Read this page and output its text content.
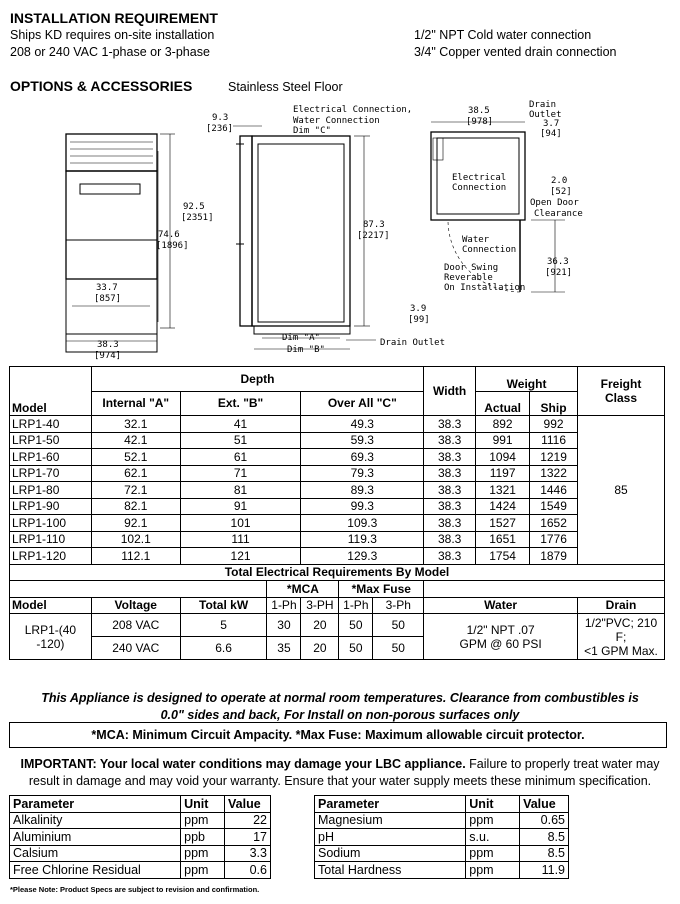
INSTALLATION REQUIREMENT
Ships KD requires on-site installation
208 or 240 VAC 1-phase or 3-phase
1/2" NPT Cold water connection
3/4" Copper vented drain connection
OPTIONS & ACCESSORIES	Stainless Steel Floor
9.3
[236]
92.5
[2351]
74.6
[1896]
33.7
[857]
38.3
[974]
Electrical Connection,
Water Connection
Dim "C"
87.3
[2217]
3.9
[99]
Dim "A"
Dim "B"
Drain Outlet
38.5
[978]
Drain
Outlet
3.7
[94]
Electrical
Connection
2.0
[52]
Open Door
Clearance
Water
Connection
Door Swing
Reverable
On Installation
36.3
[921]
Model	Depth						Width	Weight		Freight
Class
	Internal "A"	Ext. "B"		Over All "C"				Actual	Ship	
LRP1-40	32.1	41		49.3			38.3	892	992	85
LRP1-50	42.1	51		59.3			38.3	991	1116	
LRP1-60	52.1	61		69.3			38.3	1094	1219	
LRP1-70	62.1	71		79.3			38.3	1197	1322	
LRP1-80	72.1	81		89.3			38.3	1321	1446	
LRP1-90	82.1	91		99.3			38.3	1424	1549	
LRP1-100	92.1	101		109.3			38.3	1527	1652	
LRP1-110	102.1	111		119.3			38.3	1651	1776	
LRP1-120	112.1	121		129.3			38.3	1754	1879	
Total Electrical Requirements By Model										
			*MCA		*Max Fuse					
Model	Voltage	Total kW	1-Ph	3-PH	1-Ph	3-Ph	Water			Drain
LRP1-(40 -120)	208 VAC	5	30	20	50	50	1/2" NPT .07
GPM @ 60 PSI			1/2"PVC; 210 F;
<1 GPM Max.
	240 VAC	6.6	35	20	50	50				
This Appliance is designed to operate at normal room temperatures. Clearance from combustibles is
0.0" sides and back, For Install on non-porous surfaces only
*MCA: Minimum Circuit Ampacity. *Max Fuse: Maximum allowable circuit protector.
IMPORTANT: Your local water conditions may damage your LBC appliance. Failure to properly treat water may
result in damage and may void your warranty. Ensure that your water supply meets these minimum specification.
Parameter	Unit	Value
Alkalinity	ppm	22
Aluminium	ppb	17
Calsium	ppm	3.3
Free Chlorine Residual	ppm	0.6
Parameter	Unit	Value
Magnesium	ppm	0.65
pH	s.u.	8.5
Sodium	ppm	8.5
Total Hardness	ppm	11.9
*Please Note: Product Specs are subject to revision and confirmation.
